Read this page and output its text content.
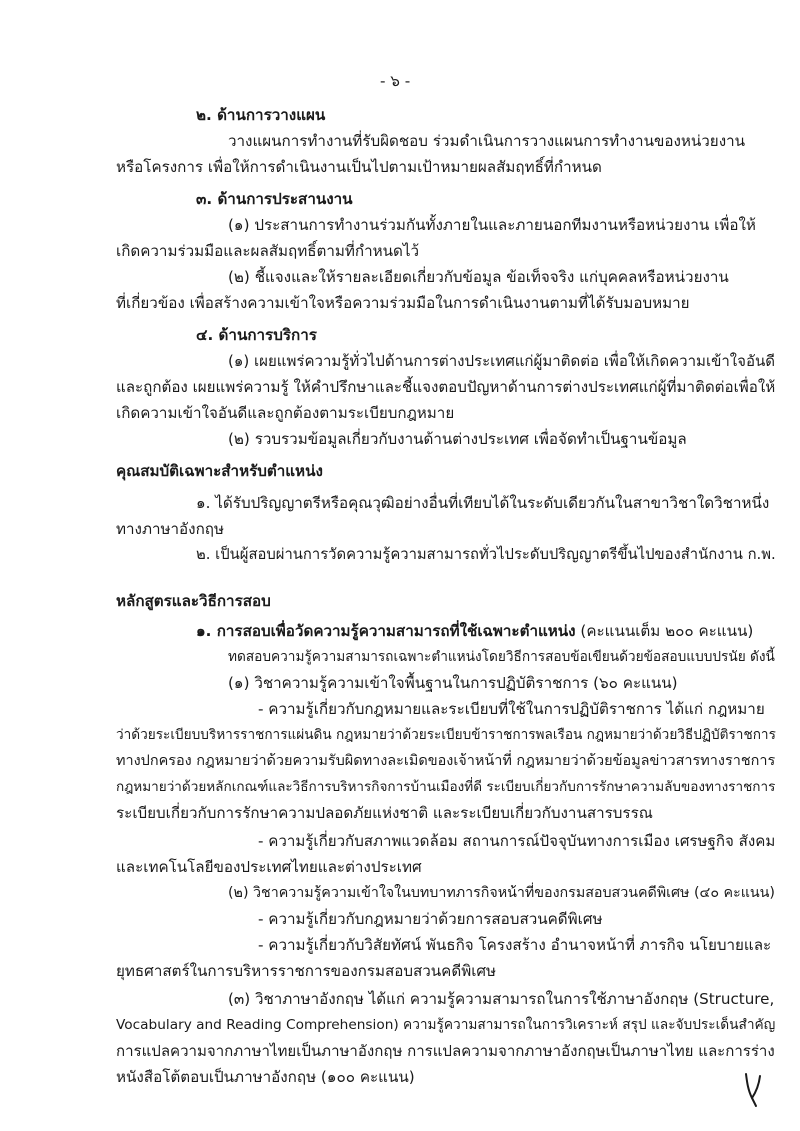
- ๖ -

๒. ด้านการวางแผน

วางแผนการทำงานที่รับผิดชอบ ร่วมดำเนินการวางแผนการทำงานของหน่วยงาน

หรือโครงการ เพื่อให้การดำเนินงานเป็นไปตามเป้าหมายผลสัมฤทธิ์ที่กำหนด

๓. ด้านการประสานงาน

(๑) ประสานการทำงานร่วมกันทั้งภายในและภายนอกทีมงานหรือหน่วยงาน เพื่อให้

เกิดความร่วมมือและผลสัมฤทธิ์ตามที่กำหนดไว้

(๒) ชี้แจงและให้รายละเอียดเกี่ยวกับข้อมูล ข้อเท็จจริง แก่บุคคลหรือหน่วยงาน

ที่เกี่ยวข้อง เพื่อสร้างความเข้าใจหรือความร่วมมือในการดำเนินงานตามที่ได้รับมอบหมาย

๔. ด้านการบริการ

(๑) เผยแพร่ความรู้ทั่วไปด้านการต่างประเทศแก่ผู้มาติดต่อ เพื่อให้เกิดความเข้าใจอันดี

และถูกต้อง เผยแพร่ความรู้ ให้คำปรึกษาและชี้แจงตอบปัญหาด้านการต่างประเทศแก่ผู้ที่มาติดต่อเพื่อให้

เกิดความเข้าใจอันดีและถูกต้องตามระเบียบกฎหมาย

(๒) รวบรวมข้อมูลเกี่ยวกับงานด้านต่างประเทศ เพื่อจัดทำเป็นฐานข้อมูล

คุณสมบัติเฉพาะสำหรับตำแหน่ง

๑. ได้รับปริญญาตรีหรือคุณวุฒิอย่างอื่นที่เทียบได้ในระดับเดียวกันในสาขาวิชาใดวิชาหนึ่ง

ทางภาษาอังกฤษ

๒. เป็นผู้สอบผ่านการวัดความรู้ความสามารถทั่วไประดับปริญญาตรีขึ้นไปของสำนักงาน ก.พ.

หลักสูตรและวิธีการสอบ

๑. การสอบเพื่อวัดความรู้ความสามารถที่ใช้เฉพาะตำแหน่ง (คะแนนเต็ม ๒๐๐ คะแนน)

ทดสอบความรู้ความสามารถเฉพาะตำแหน่งโดยวิธีการสอบข้อเขียนด้วยข้อสอบแบบปรนัย ดังนี้

(๑) วิชาความรู้ความเข้าใจพื้นฐานในการปฏิบัติราชการ (๖๐ คะแนน)

- ความรู้เกี่ยวกับกฎหมายและระเบียบที่ใช้ในการปฏิบัติราชการ ได้แก่ กฎหมาย

ว่าด้วยระเบียบบริหารราชการแผ่นดิน กฎหมายว่าด้วยระเบียบข้าราชการพลเรือน กฎหมายว่าด้วยวิธีปฏิบัติราชการ

ทางปกครอง กฎหมายว่าด้วยความรับผิดทางละเมิดของเจ้าหน้าที่ กฎหมายว่าด้วยข้อมูลข่าวสารทางราชการ

กฎหมายว่าด้วยหลักเกณฑ์และวิธีการบริหารกิจการบ้านเมืองที่ดี ระเบียบเกี่ยวกับการรักษาความลับของทางราชการ

ระเบียบเกี่ยวกับการรักษาความปลอดภัยแห่งชาติ และระเบียบเกี่ยวกับงานสารบรรณ

- ความรู้เกี่ยวกับสภาพแวดล้อม สถานการณ์ปัจจุบันทางการเมือง เศรษฐกิจ สังคม

และเทคโนโลยีของประเทศไทยและต่างประเทศ

(๒) วิชาความรู้ความเข้าใจในบทบาทภารกิจหน้าที่ของกรมสอบสวนคดีพิเศษ (๔๐ คะแนน)

- ความรู้เกี่ยวกับกฎหมายว่าด้วยการสอบสวนคดีพิเศษ

- ความรู้เกี่ยวกับวิสัยทัศน์ พันธกิจ โครงสร้าง อำนาจหน้าที่ ภารกิจ นโยบายและ

ยุทธศาสตร์ในการบริหารราชการของกรมสอบสวนคดีพิเศษ

(๓) วิชาภาษาอังกฤษ ได้แก่ ความรู้ความสามารถในการใช้ภาษาอังกฤษ (Structure,

Vocabulary and Reading Comprehension) ความรู้ความสามารถในการวิเคราะห์ สรุป และจับประเด็นสำคัญ

การแปลความจากภาษาไทยเป็นภาษาอังกฤษ การแปลความจากภาษาอังกฤษเป็นภาษาไทย และการร่าง

หนังสือโต้ตอบเป็นภาษาอังกฤษ (๑๐๐ คะแนน)
